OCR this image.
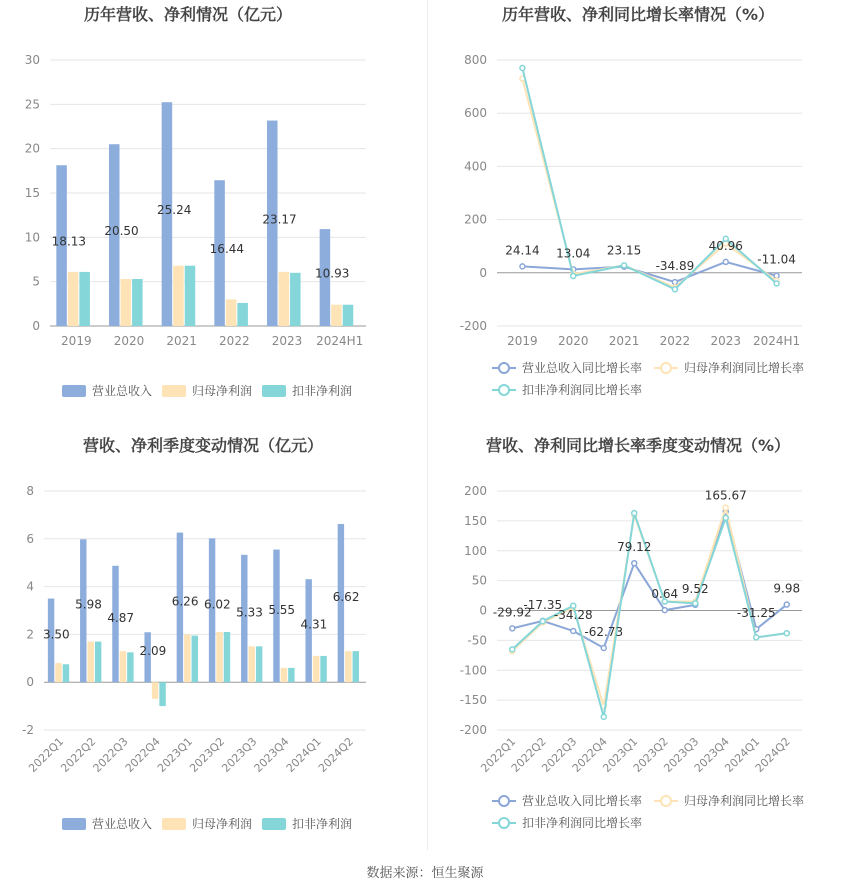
历年营收、净利情况（亿元）
0
5
10
15
20
25
30
2019 2020 2021 2022 2023 2024H1
18.13
20.50
25.24
16.44
23.17
10.93
营业总收入	归母净利润	扣非净利润
历年营收、净利同比增长率情况（%）
-200
0
200
400
600
800
2019 2020 2021 2022 2023 2024H1
24.14 13.04 23.15
-34.89
40.96
-11.04
营业总收入同比增长率	归母净利润同比增长率
扣非净利润同比增长率
营收、净利季度变动情况（亿元）
-2
0
2
4
6
8
2022Q1
2022Q2
2022Q3
2022Q4
2023Q1
2023Q2
2023Q3
2023Q4
2024Q1
2024Q2
3.50
5.98
4.87
2.09
6.26 6.02
5.33 5.55
4.31
6.62
营业总收入	归母净利润	扣非净利润
营收、净利同比增长率季度变动情况（%）
-200
-150
-100
-50
0
50
100
150
200
2022Q1
2022Q2
2022Q3
2022Q4
2023Q1
2023Q2
2023Q3
2023Q4
2024Q1
2024Q2
-29.92
-17.35
-34.28
-62.73
79.12
0.64 9.52
165.67
-31.25
9.98
营业总收入同比增长率	归母净利润同比增长率
扣非净利润同比增长率
数据来源：恒生聚源
